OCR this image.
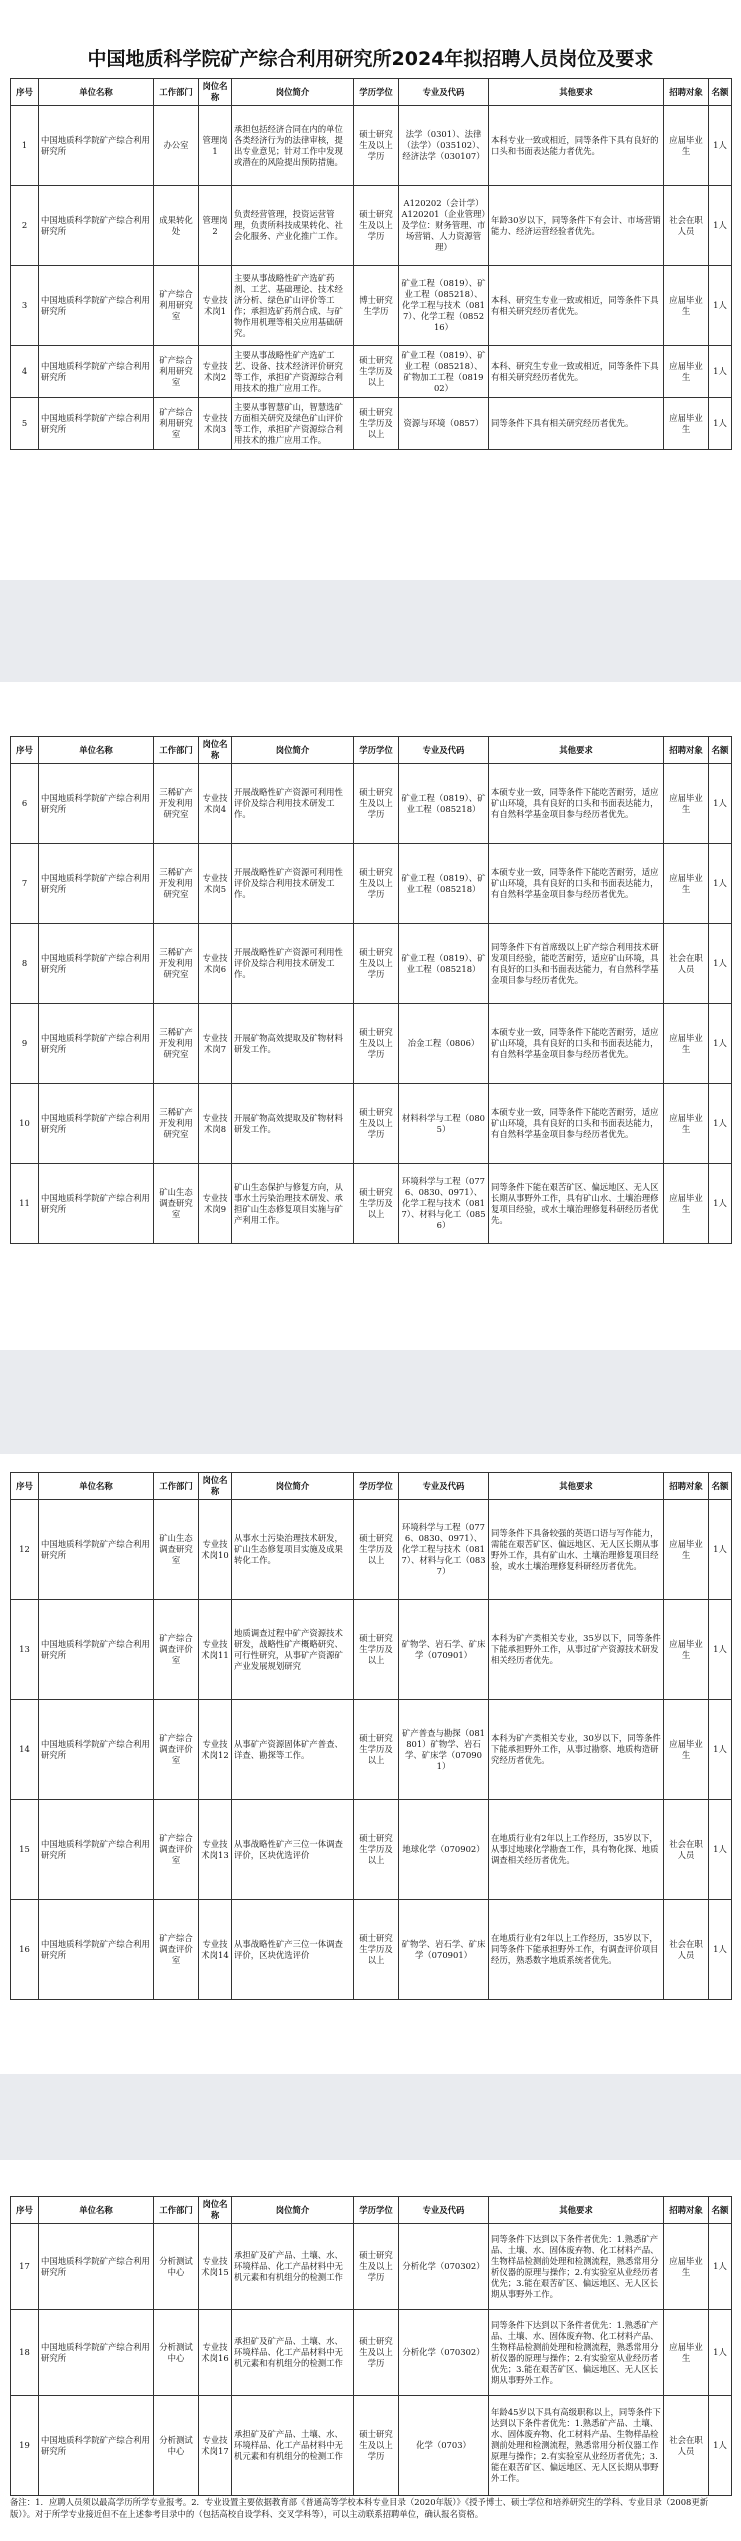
中国地质科学院矿产综合利用研究所2024年拟招聘人员岗位及要求
序号	单位名称	工作部门	岗位名称	岗位简介	学历学位	专业及代码	其他要求	招聘对象	名额
1	中国地质科学院矿产综合利用研究所	办公室	管理岗1	承担包括经济合同在内的单位各类经济行为的法律审核，提出专业意见；针对工作中发现或潜在的风险提出预防措施。	硕士研究生及以上学历	法学（0301）、法律（法学）（035102）、经济法学（030107）	本科专业一致或相近，同等条件下具有良好的口头和书面表达能力者优先。	应届毕业生	1人
2	中国地质科学院矿产综合利用研究所	成果转化处	管理岗2	负责经营管理，投资运营管理，负责所科技成果转化、社会化服务、产业化推广工作。	硕士研究生及以上学历	A120202（会计学）A120201（企业管理）及学位：财务管理、市场营销、人力资源管理）	年龄30岁以下，同等条件下有会计、市场营销能力、经济运营经验者优先。	社会在职人员	1人
3	中国地质科学院矿产综合利用研究所	矿产综合利用研究室	专业技术岗1	主要从事战略性矿产选矿药剂、工艺、基础理论、技术经济分析、绿色矿山评价等工作；承担选矿药剂合成、与矿物作用机理等相关应用基础研究。	博士研究生学历	矿业工程（0819）、矿业工程（085218）、化学工程与技术（0817）、化学工程（085216）	本科、研究生专业一致或相近，同等条件下具有相关研究经历者优先。	应届毕业生	1人
4	中国地质科学院矿产综合利用研究所	矿产综合利用研究室	专业技术岗2	主要从事战略性矿产选矿工艺、设备、技术经济评价研究等工作，承担矿产资源综合利用技术的推广应用工作。	硕士研究生学历及以上	矿业工程（0819）、矿业工程（085218）、矿物加工工程（081902）	本科、研究生专业一致或相近，同等条件下具有相关研究经历者优先。	应届毕业生	1人
5	中国地质科学院矿产综合利用研究所	矿产综合利用研究室	专业技术岗3	主要从事智慧矿山，智慧选矿方面相关研究及绿色矿山评价等工作，承担矿产资源综合利用技术的推广应用工作。	硕士研究生学历及以上	资源与环境（0857）	同等条件下具有相关研究经历者优先。	应届毕业生	1人
序号	单位名称	工作部门	岗位名称	岗位简介	学历学位	专业及代码	其他要求	招聘对象	名额
6	中国地质科学院矿产综合利用研究所	三稀矿产开发利用研究室	专业技术岗4	开展战略性矿产资源可利用性评价及综合利用技术研发工作。	硕士研究生及以上学历	矿业工程（0819）、矿业工程（085218）	本硕专业一致，同等条件下能吃苦耐劳，适应矿山环境，具有良好的口头和书面表达能力，有自然科学基金项目参与经历者优先。	应届毕业生	1人
7	中国地质科学院矿产综合利用研究所	三稀矿产开发利用研究室	专业技术岗5	开展战略性矿产资源可利用性评价及综合利用技术研发工作。	硕士研究生及以上学历	矿业工程（0819）、矿业工程（085218）	本硕专业一致，同等条件下能吃苦耐劳，适应矿山环境，具有良好的口头和书面表达能力，有自然科学基金项目参与经历者优先。	应届毕业生	1人
8	中国地质科学院矿产综合利用研究所	三稀矿产开发利用研究室	专业技术岗6	开展战略性矿产资源可利用性评价及综合利用技术研发工作。	硕士研究生及以上学历	矿业工程（0819）、矿业工程（085218）	同等条件下有首席级以上矿产综合利用技术研发项目经验，能吃苦耐劳，适应矿山环境，具有良好的口头和书面表达能力，有自然科学基金项目参与经历者优先。	社会在职人员	1人
9	中国地质科学院矿产综合利用研究所	三稀矿产开发利用研究室	专业技术岗7	开展矿物高效提取及矿物材料研发工作。	硕士研究生及以上学历	冶金工程（0806）	本硕专业一致，同等条件下能吃苦耐劳，适应矿山环境，具有良好的口头和书面表达能力，有自然科学基金项目参与经历者优先。	应届毕业生	1人
10	中国地质科学院矿产综合利用研究所	三稀矿产开发利用研究室	专业技术岗8	开展矿物高效提取及矿物材料研发工作。	硕士研究生及以上学历	材料科学与工程（0805）	本硕专业一致，同等条件下能吃苦耐劳，适应矿山环境，具有良好的口头和书面表达能力，有自然科学基金项目参与经历者优先。	应届毕业生	1人
11	中国地质科学院矿产综合利用研究所	矿山生态调查研究室	专业技术岗9	矿山生态保护与修复方向，从事水土污染治理技术研发、承担矿山生态修复项目实施与矿产利用工作。	硕士研究生学历及以上	环境科学与工程（0776、0830、0971）、化学工程与技术（0817）、材料与化工（0856）	同等条件下能在艰苦矿区、偏远地区、无人区长期从事野外工作，具有矿山水、土壤治理修复项目经验，或水土壤治理修复科研经历者优先。	应届毕业生	1人
序号	单位名称	工作部门	岗位名称	岗位简介	学历学位	专业及代码	其他要求	招聘对象	名额
12	中国地质科学院矿产综合利用研究所	矿山生态调查研究室	专业技术岗10	从事水土污染治理技术研发，矿山生态修复项目实施及成果转化工作。	硕士研究生学历及以上	环境科学与工程（0776、0830、0971）、化学工程与技术（0817）、材料与化工（0837）	同等条件下具备较强的英语口语与写作能力，需能在艰苦矿区、偏远地区、无人区长期从事野外工作，具有矿山水、土壤治理修复项目经验，或水土壤治理修复科研经历者优先。	应届毕业生	1人
13	中国地质科学院矿产综合利用研究所	矿产综合调查评价室	专业技术岗11	地质调查过程中矿产资源技术研发，战略性矿产概略研究、可行性研究，从事矿产资源矿产业发展规划研究	硕士研究生学历及以上	矿物学、岩石学、矿床学（070901）	本科为矿产类相关专业，35岁以下，同等条件下能承担野外工作，从事过矿产资源技术研发相关经历者优先。	应届毕业生	1人
14	中国地质科学院矿产综合利用研究所	矿产综合调查评价室	专业技术岗12	从事矿产资源固体矿产普查、详查、勘探等工作。	硕士研究生学历及以上	矿产普查与勘探（081801）矿物学、岩石学、矿床学（070901）	本科为矿产类相关专业，30岁以下，同等条件下能承担野外工作，从事过勘察、地质构造研究经历者优先。	应届毕业生	1人
15	中国地质科学院矿产综合利用研究所	矿产综合调查评价室	专业技术岗13	从事战略性矿产三位一体调查评价，区块优选评价	硕士研究生学历及以上	地球化学（070902）	在地质行业有2年以上工作经历，35岁以下，从事过地球化学勘查工作，具有物化探、地质调查相关经历者优先。	社会在职人员	1人
16	中国地质科学院矿产综合利用研究所	矿产综合调查评价室	专业技术岗14	从事战略性矿产三位一体调查评价，区块优选评价	硕士研究生学历及以上	矿物学、岩石学、矿床学（070901）	在地质行业有2年以上工作经历，35岁以下，同等条件下能承担野外工作，有调查评价项目经历，熟悉数字地质系统者优先。	社会在职人员	1人
序号	单位名称	工作部门	岗位名称	岗位简介	学历学位	专业及代码	其他要求	招聘对象	名额
17	中国地质科学院矿产综合利用研究所	分析测试中心	专业技术岗15	承担矿及矿产品、土壤、水、环境样品、化工产品材料中无机元素和有机组分的检测工作	硕士研究生及以上学历	分析化学（070302）	同等条件下达到以下条件者优先：1.熟悉矿产品、土壤、水、固体废弃物、化工材料产品、生物样品检测前处理和检测流程，熟悉常用分析仪器的原理与操作；2.有实验室从业经历者优先；3.能在艰苦矿区、偏远地区、无人区长期从事野外工作。	应届毕业生	1人
18	中国地质科学院矿产综合利用研究所	分析测试中心	专业技术岗16	承担矿及矿产品、土壤、水、环境样品、化工产品材料中无机元素和有机组分的检测工作	硕士研究生及以上学历	分析化学（070302）	同等条件下达到以下条件者优先：1.熟悉矿产品、土壤、水、固体废弃物、化工材料产品、生物样品检测前处理和检测流程，熟悉常用分析仪器的原理与操作；2.有实验室从业经历者优先；3.能在艰苦矿区、偏远地区、无人区长期从事野外工作。	应届毕业生	1人
19	中国地质科学院矿产综合利用研究所	分析测试中心	专业技术岗17	承担矿及矿产品、土壤、水、环境样品、化工产品材料中无机元素和有机组分的检测工作	硕士研究生及以上学历	化学（0703）	年龄45岁以下具有高级职称以上，同等条件下达到以下条件者优先：1.熟悉矿产品、土壤、水、固体废弃物、化工材料产品、生物样品检测前处理和检测流程，熟悉常用分析仪器工作原理与操作；2.有实验室从业经历者优先；3.能在艰苦矿区、偏远地区、无人区长期从事野外工作。	社会在职人员	1人
备注：1．应聘人员须以最高学历所学专业报考。2．专业设置主要依据教育部《普通高等学校本科专业目录（2020年版）》《授予博士、硕士学位和培养研究生的学科、专业目录（2008更新版）》。对于所学专业接近但不在上述参考目录中的（包括高校自设学科、交叉学科等），可以主动联系招聘单位，确认报名资格。
